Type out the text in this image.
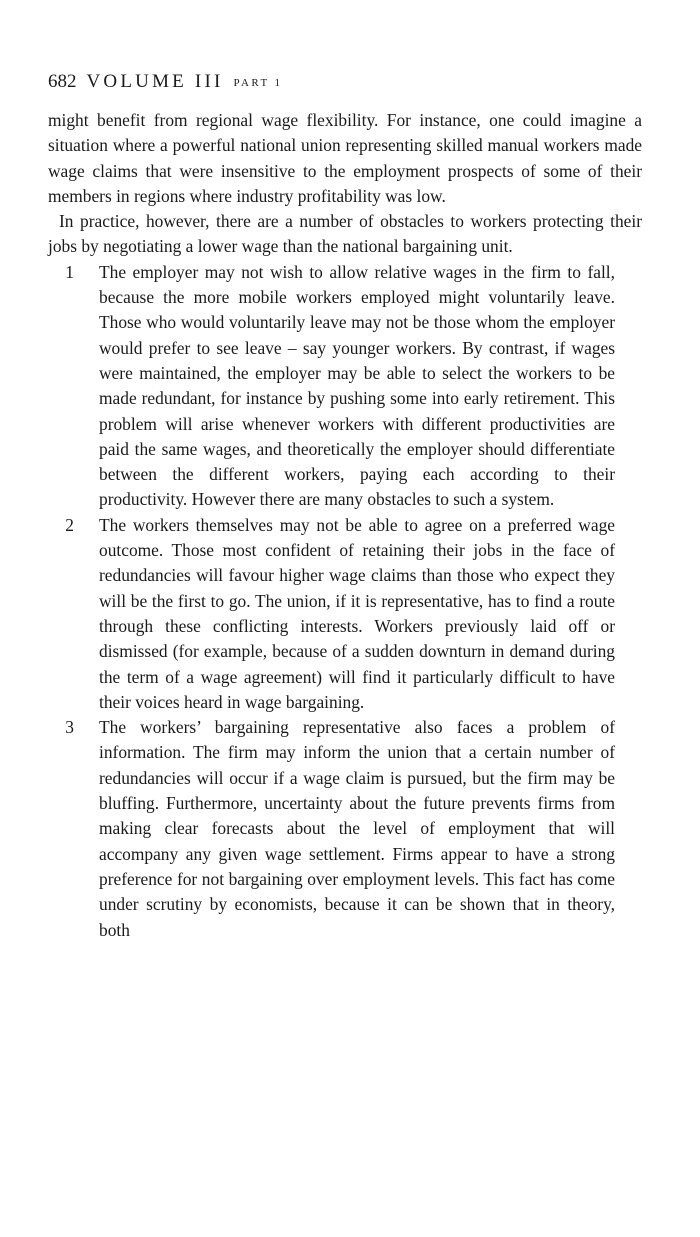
682 VOLUME III PART 1

might benefit from regional wage flexibility. For instance, one could imagine a situation where a powerful national union representing skilled manual workers made wage claims that were insensitive to the employment prospects of some of their members in regions where industry profitability was low.

In practice, however, there are a number of obstacles to workers protecting their jobs by negotiating a lower wage than the national bargaining unit.

1 The employer may not wish to allow relative wages in the firm to fall, because the more mobile workers employed might voluntarily leave. Those who would voluntarily leave may not be those whom the employer would prefer to see leave – say younger workers. By contrast, if wages were maintained, the employer may be able to select the workers to be made redundant, for instance by pushing some into early retirement. This problem will arise whenever workers with different productivities are paid the same wages, and theoretically the employer should differentiate between the different workers, paying each according to their productivity. However there are many obstacles to such a system.
2 The workers themselves may not be able to agree on a preferred wage outcome. Those most confident of retaining their jobs in the face of redundancies will favour higher wage claims than those who expect they will be the first to go. The union, if it is representative, has to find a route through these conflicting interests. Workers previously laid off or dismissed (for example, because of a sudden downturn in demand during the term of a wage agreement) will find it particularly difficult to have their voices heard in wage bargaining.
3 The workers’ bargaining representative also faces a problem of information. The firm may inform the union that a certain number of redundancies will occur if a wage claim is pursued, but the firm may be bluffing. Furthermore, uncertainty about the future prevents firms from making clear forecasts about the level of employment that will accompany any given wage settlement. Firms appear to have a strong preference for not bargaining over employment levels. This fact has come under scrutiny by economists, because it can be shown that in theory, both
